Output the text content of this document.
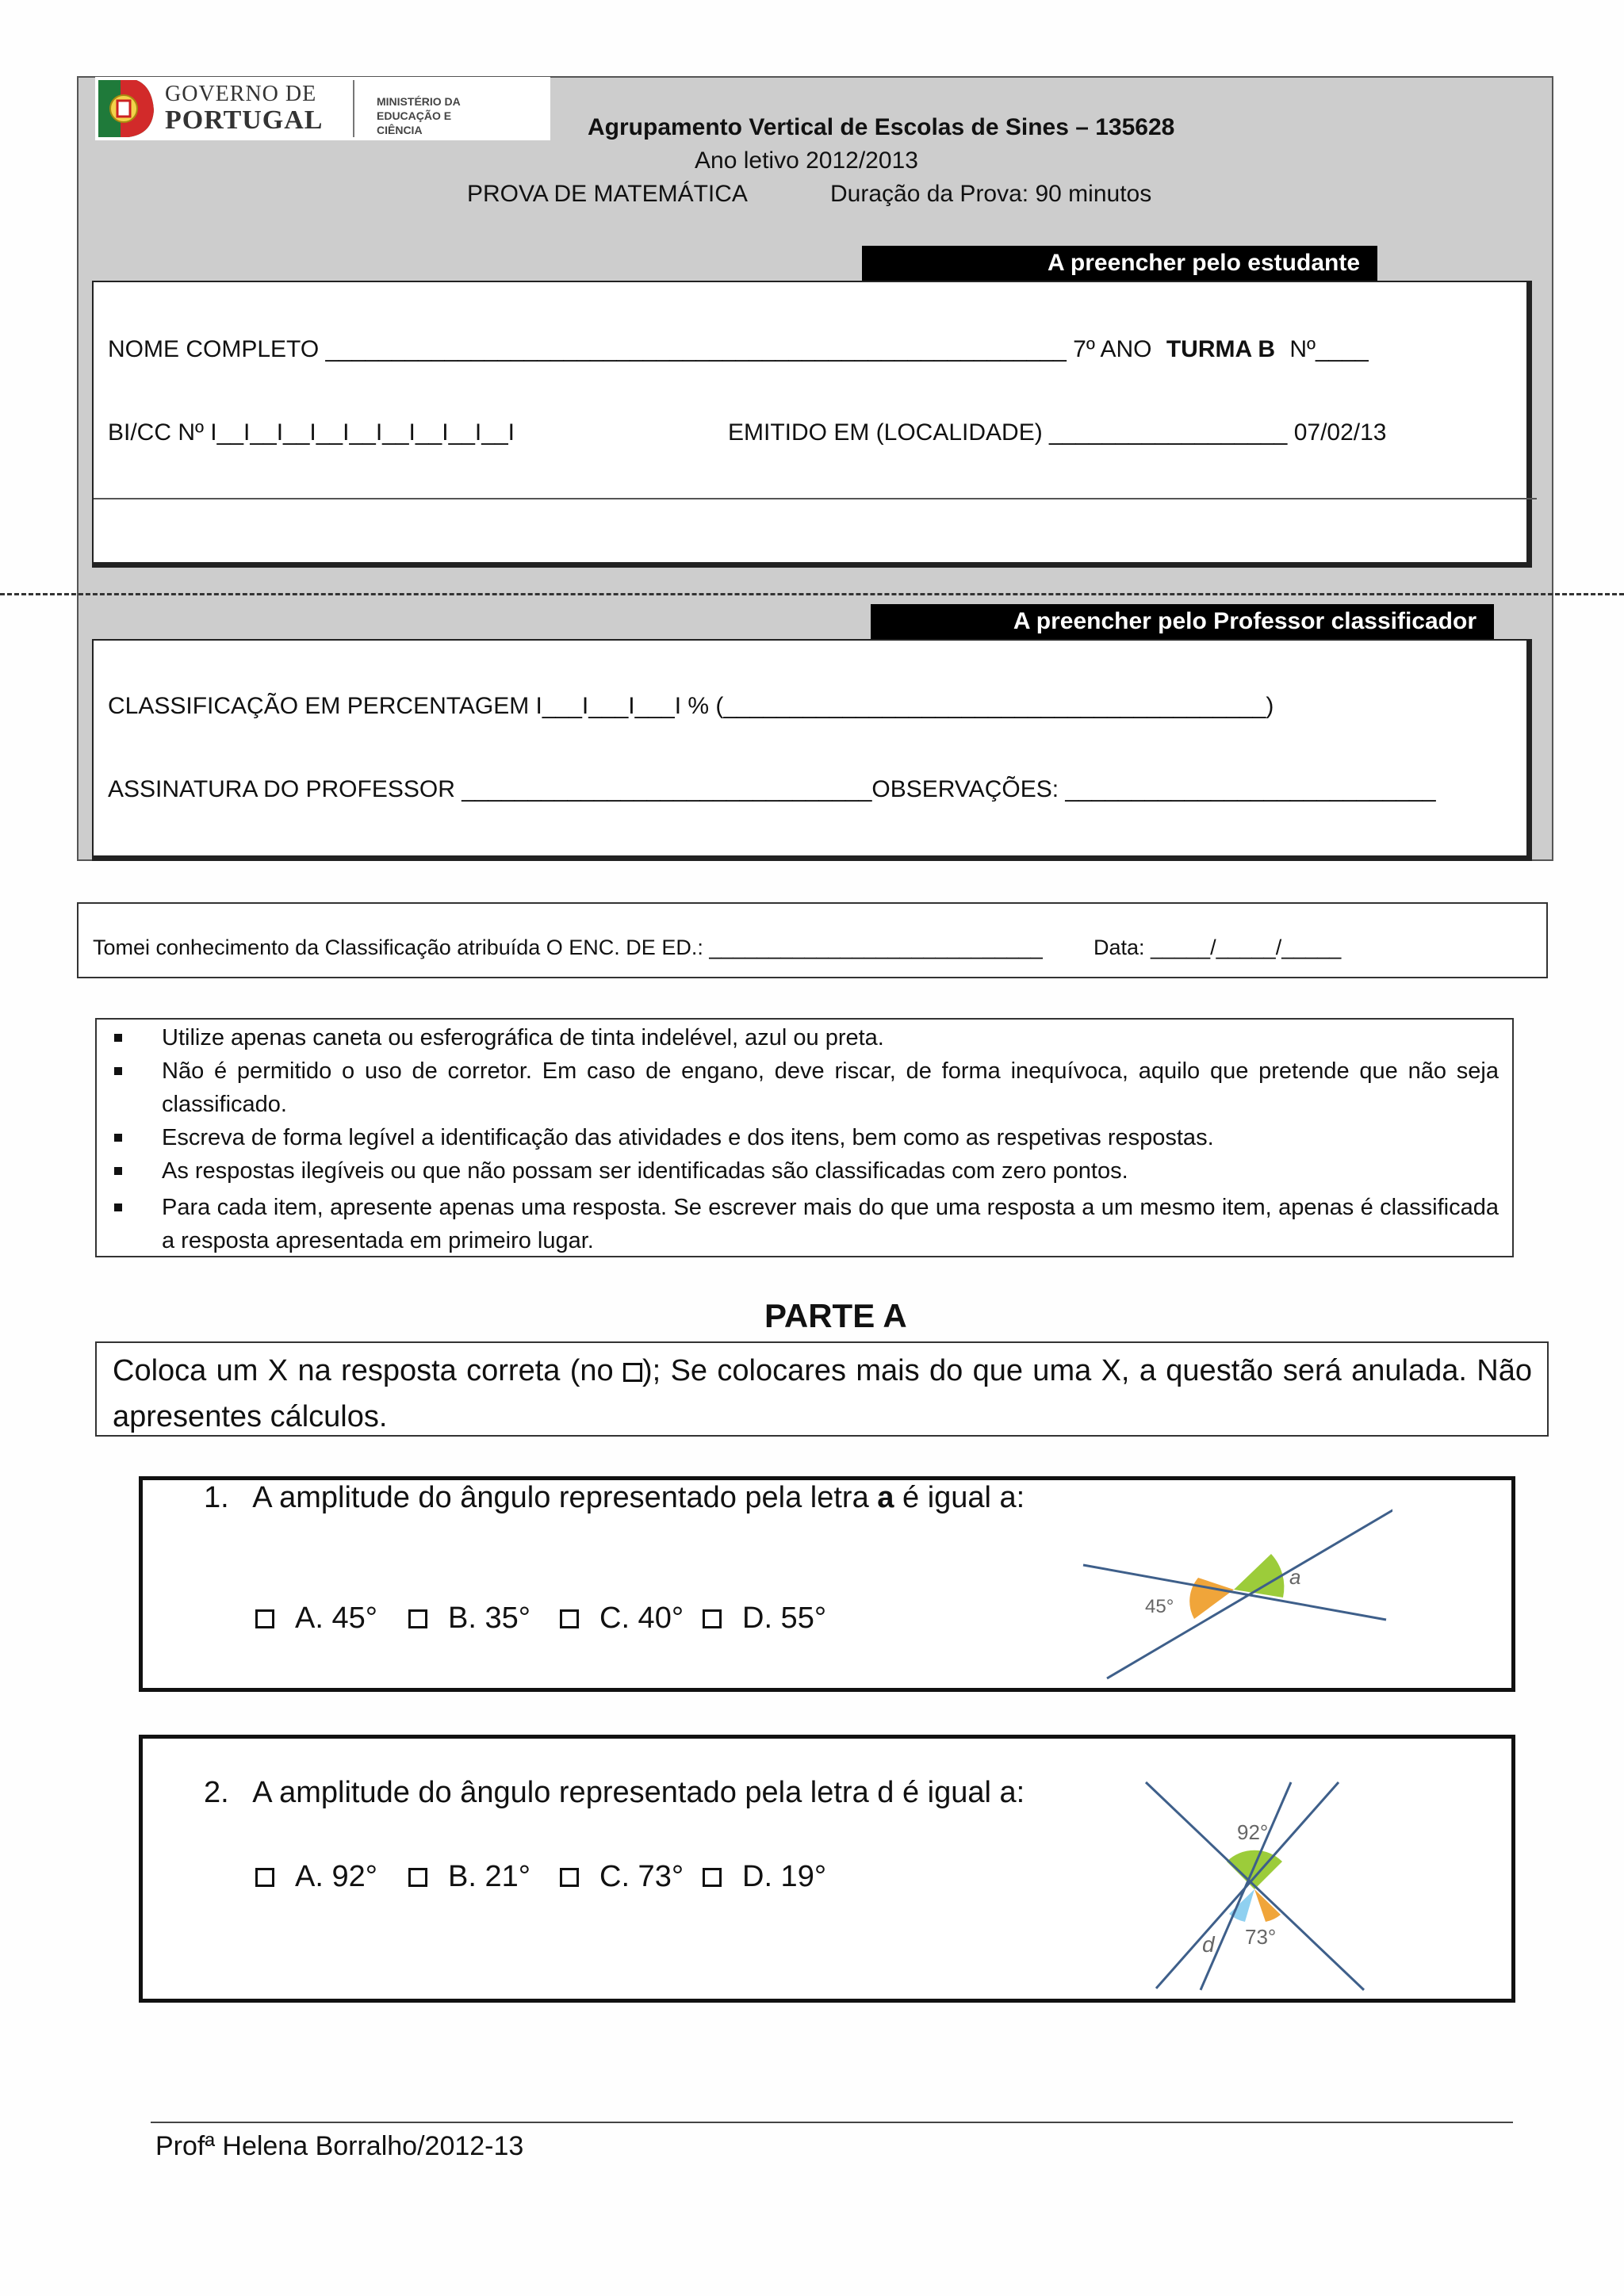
GOVERNO DE
PORTUGAL
MINISTÉRIO DA EDUCAÇÃO E CIÊNCIA	Agrupamento Vertical de Escolas de Sines – 135628
Ano letivo 2012/2013
PROVA DE MATEMÁTICA	Duração da Prova: 90 minutos
A preencher pelo estudante
NOME COMPLETO ________________________________________________________ 7º ANO TURMA B Nº____
BI/CC Nº I__I__I__I__I__I__I__I__I__I	EMITIDO EM (LOCALIDADE) __________________ 07/02/13
A preencher pelo Professor classificador
CLASSIFICAÇÃO EM PERCENTAGEM I___I___I___I % (_________________________________________)
ASSINATURA DO PROFESSOR _______________________________OBSERVAÇÕES: ____________________________
Tomei conhecimento da Classificação atribuída O ENC. DE ED.: ____________________________ Data: _____/_____/_____
Utilize apenas caneta ou esferográfica de tinta indelével, azul ou preta.
Não é permitido o uso de corretor. Em caso de engano, deve riscar, de forma inequívoca, aquilo que pretende que não seja classificado.
Escreva de forma legível a identificação das atividades e dos itens, bem como as respetivas respostas.
As respostas ilegíveis ou que não possam ser identificadas são classificadas com zero pontos.
Para cada item, apresente apenas uma resposta. Se escrever mais do que uma resposta a um mesmo item, apenas é classificada a resposta apresentada em primeiro lugar.
PARTE A
Coloca um X na resposta correta (no ); Se colocares mais do que uma X, a questão será anulada. Não apresentes cálculos.
1. A amplitude do ângulo representado pela letra a é igual a:
A. 45° B. 35° C. 40° D. 55°	45°
a
2. A amplitude do ângulo representado pela letra d é igual a:
A. 92° B. 21° C. 73° D. 19°
92°
73°
d
Profª Helena Borralho/2012-13
